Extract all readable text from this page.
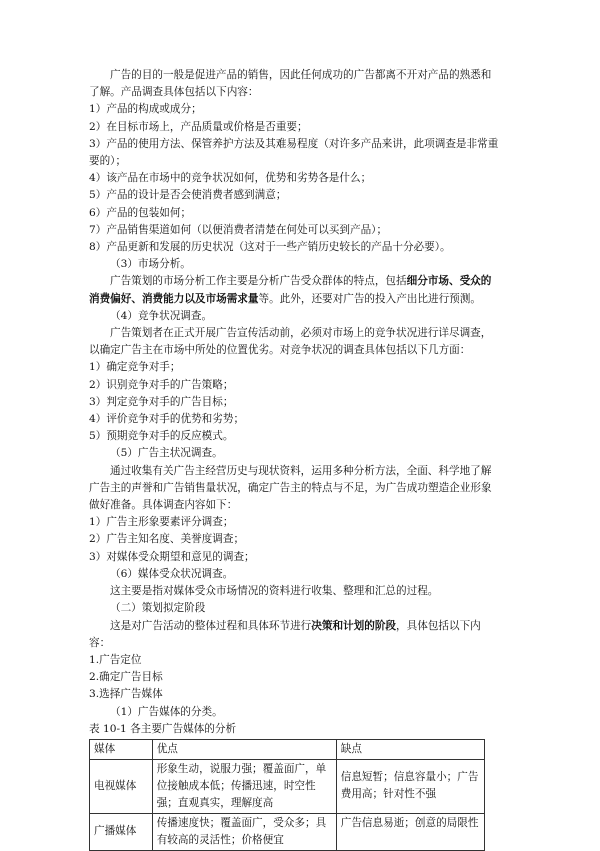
广告的目的一般是促进产品的销售，因此任何成功的广告都离不开对产品的熟悉和了解。产品调查具体包括以下内容：

1）产品的构成或成分；

2）在目标市场上，产品质量或价格是否重要；

3）产品的使用方法、保管养护方法及其难易程度（对许多产品来讲，此项调查是非常重要的）；

4）该产品在市场中的竞争状况如何，优势和劣势各是什么；

5）产品的设计是否会使消费者感到满意；

6）产品的包装如何；

7）产品销售渠道如何（以便消费者清楚在何处可以买到产品）；

8）产品更新和发展的历史状况（这对于一些产销历史较长的产品十分必要）。

（3）市场分析。

广告策划的市场分析工作主要是分析广告受众群体的特点，包括细分市场、受众的消费偏好、消费能力以及市场需求量等。此外，还要对广告的投入产出比进行预测。

（4）竞争状况调查。

广告策划者在正式开展广告宣传活动前，必须对市场上的竞争状况进行详尽调查，以确定广告主在市场中所处的位置优劣。对竞争状况的调查具体包括以下几方面：

1）确定竞争对手；

2）识别竞争对手的广告策略；

3）判定竞争对手的广告目标；

4）评价竞争对手的优势和劣势；

5）预期竞争对手的反应模式。

（5）广告主状况调查。

通过收集有关广告主经营历史与现状资料，运用多种分析方法，全面、科学地了解广告主的声誉和广告销售量状况，确定广告主的特点与不足，为广告成功塑造企业形象做好准备。具体调查内容如下：

1）广告主形象要素评分调查；

2）广告主知名度、美誉度调查；

3）对媒体受众期望和意见的调查；

（6）媒体受众状况调查。

这主要是指对媒体受众市场情况的资料进行收集、整理和汇总的过程。

（二）策划拟定阶段

这是对广告活动的整体过程和具体环节进行决策和计划的阶段，具体包括以下内容：

1.广告定位

2.确定广告目标

3.选择广告媒体

（1）广告媒体的分类。

表 10-1 各主要广告媒体的分析

媒体	优点	缺点
电视媒体	形象生动，说服力强；覆盖面广，单位接触成本低；传播迅速，时空性强；直观真实，理解度高	信息短暂；信息容量小；广告费用高；针对性不强
广播媒体	传播速度快；覆盖面广，受众多；具有较高的灵活性；价格便宜	广告信息易逝；创意的局限性
